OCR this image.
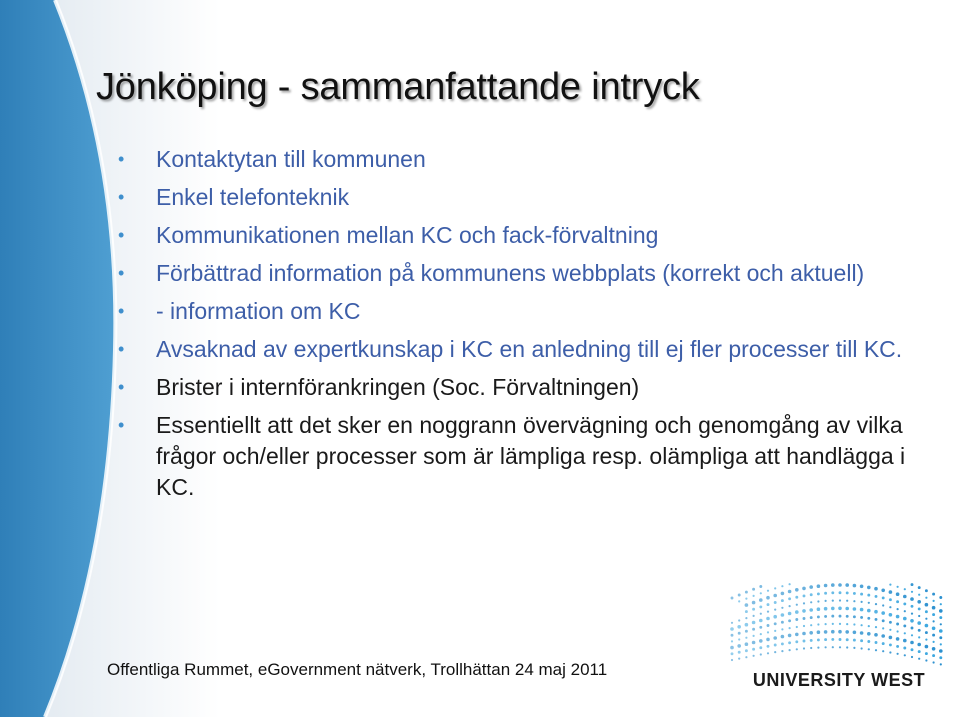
Jönköping - sammanfattande intryck
• Kontaktytan till kommunen
• Enkel telefonteknik
• Kommunikationen mellan KC och fack-förvaltning
• Förbättrad information på kommunens webbplats (korrekt och aktuell)
• - information om KC
• Avsaknad av expertkunskap i KC en anledning till ej fler processer till KC.
• Brister i internförankringen (Soc. Förvaltningen)
• Essentiellt att det sker en noggrann övervägning och genomgång av vilka frågor och/eller processer som är lämpliga resp. olämpliga att handlägga i KC.

Offentliga Rummet, eGovernment nätverk, Trollhättan 24 maj 2011

UNIVERSITY WEST
